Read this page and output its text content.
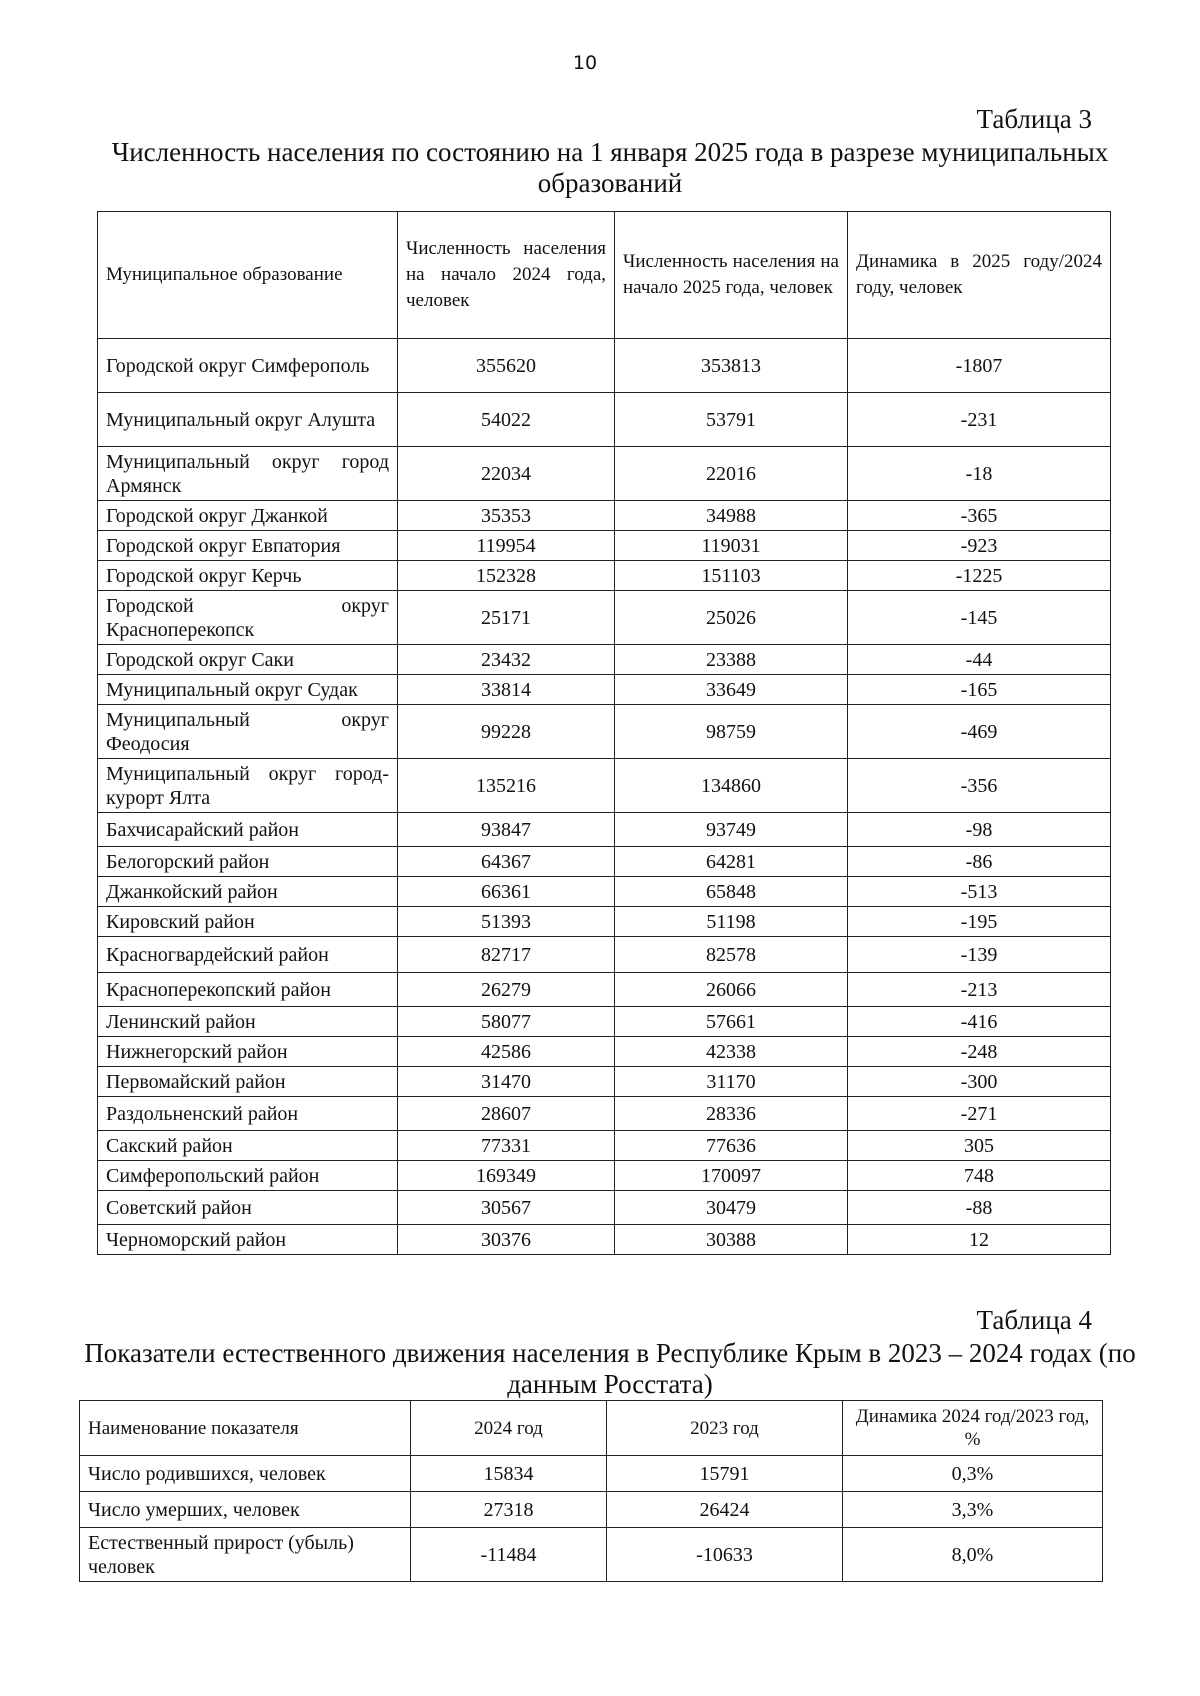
10
Таблица 3
Численность населения по состоянию на 1 января 2025 года в разрезе муниципальных образований
Муниципальное образование	Численность населения на начало 2024 года, человек	Численность населения на начало 2025 года, человек	Динамика в 2025 году/2024 году, человек
Городской округ Симферополь	355620	353813	-1807
Муниципальный округ Алушта	54022	53791	-231
Муниципальный округ город Армянск	22034	22016	-18
Городской округ Джанкой	35353	34988	-365
Городской округ Евпатория	119954	119031	-923
Городской округ Керчь	152328	151103	-1225
Городской округ Красноперекопск	25171	25026	-145
Городской округ Саки	23432	23388	-44
Муниципальный округ Судак	33814	33649	-165
Муниципальный округ Феодосия	99228	98759	-469
Муниципальный округ город-курорт Ялта	135216	134860	-356
Бахчисарайский район	93847	93749	-98
Белогорский район	64367	64281	-86
Джанкойский район	66361	65848	-513
Кировский район	51393	51198	-195
Красногвардейский район	82717	82578	-139
Красноперекопский район	26279	26066	-213
Ленинский район	58077	57661	-416
Нижнегорский район	42586	42338	-248
Первомайский район	31470	31170	-300
Раздольненский район	28607	28336	-271
Сакский район	77331	77636	305
Симферопольский район	169349	170097	748
Советский район	30567	30479	-88
Черноморский район	30376	30388	12
Таблица 4
Показатели естественного движения населения в Республике Крым в 2023 – 2024 годах (по данным Росстата)
Наименование показателя	2024 год	2023 год	Динамика 2024 год/2023 год, %
Число родившихся, человек	15834	15791	0,3%
Число умерших, человек	27318	26424	3,3%
Естественный прирост (убыль) человек	-11484	-10633	8,0%
